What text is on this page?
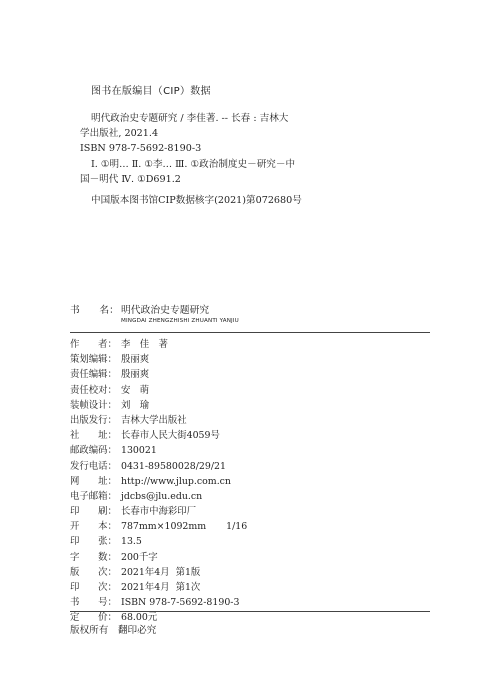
图书在版编目（CIP）数据
明代政治史专题研究 / 李佳著. -- 长春 : 吉林大
学出版社, 2021.4
ISBN 978-7-5692-8190-3
Ⅰ. ①明… Ⅱ. ①李… Ⅲ. ①政治制度史－研究－中
国－明代 Ⅳ. ①D691.2
中国版本图书馆CIP数据核字(2021)第072680号
书　　名： 明代政治史专题研究
MINGDAI ZHENGZHISHI ZHUANTI YANJIU
作　　者： 李　佳　著
策划编辑： 殷丽爽
责任编辑： 殷丽爽
责任校对： 安　萌
装帧设计： 刘　瑜
出版发行： 吉林大学出版社
社　　址： 长春市人民大街4059号
邮政编码： 130021
发行电话： 0431-89580028/29/21
网　　址： http://www.jlup.com.cn
电子邮箱： jdcbs@jlu.edu.cn
印　　刷： 长春市中海彩印厂
开　　本： 787mm×1092mm 1/16
印　　张： 13.5
字　　数： 200千字
版　　次： 2021年4月 第1版
印　　次： 2021年4月 第1次
书　　号： ISBN 978-7-5692-8190-3
定　　价： 68.00元
版权所有　翻印必究
